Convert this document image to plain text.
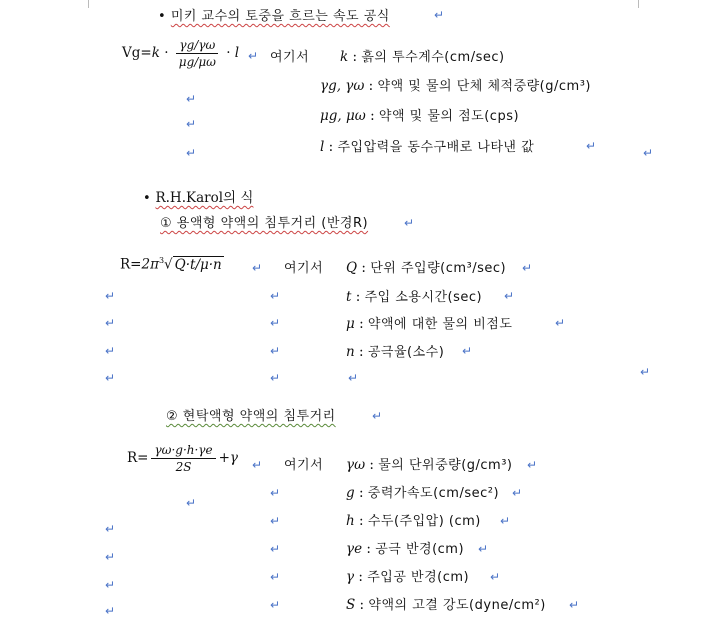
• 미키 교수의 토중을 흐르는 속도 공식
↵
$Vg=k \cdot \frac{\gamma g/\gamma\omega}{\mu g/\mu\omega} \cdot l$ ↵ 여기서 k : 흙의 투수계수(cm/sec)
γg, γω : 약액 및 물의 단체 체적중량(g/cm³)
μg, μω : 약액 및 물의 점도(cps)
l : 주입압력을 동수구배로 나타낸 값
↵
↵
↵
↵
↵
• R.H.Karol의 식
① 용액형 약액의 침투거리 (반경R)
↵
$R=2\pi^3√$ Q·t/μ·n ↵	여기서 Q : 단위 주입량(cm³/sec)
t : 주입 소용시간(sec)
μ : 약액에 대한 물의 비점도
n : 공극율(소수)
↵
↵
↵
↵
↵
↵
↵
↵
↵
↵
↵
↵
↵
↵
② 현탁액형 약액의 침투거리
↵
$R= \frac{\gamma\omega\cdot g\cdot h\cdot\gamma e}{2S} +\gamma$ ↵
↵	여기서 γω : 물의 단위중량(g/cm³)
g : 중력가속도(cm/sec²)
h : 수두(주입압) (cm)
γe : 공극 반경(cm)
γ : 주입공 반경(cm)
S : 약액의 고결 강도(dyne/cm²)
↵
↵
↵
↵
↵
↵
↵
↵
↵
↵
↵
↵
↵
↵
↵
